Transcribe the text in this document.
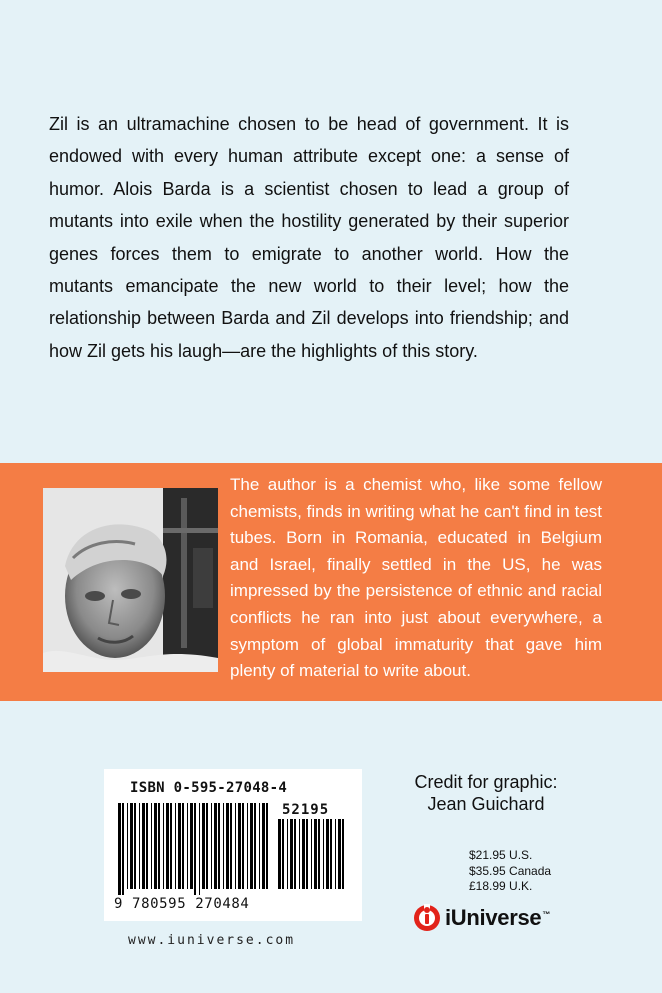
Zil is an ultramachine chosen to be head of government. It is endowed with every human attribute except one: a sense of humor. Alois Barda is a scientist chosen to lead a group of mutants into exile when the hostility generated by their superior genes forces them to emigrate to another world. How the mutants emancipate the new world to their level; how the relationship between Barda and Zil develops into friendship; and how Zil gets his laugh—are the highlights of this story.

The author is a chemist who, like some fellow chemists, finds in writing what he can't find in test tubes. Born in Romania, educated in Belgium and Israel, finally settled in the US, he was impressed by the persistence of ethnic and racial conflicts he ran into just about everywhere, a symptom of global immaturity that gave him plenty of material to write about.

ISBN 0-595-27048-4
52195
9 780595 270484
www.iuniverse.com
Credit for graphic:
Jean Guichard
$21.95 U.S.
$35.95 Canada
£18.99 U.K.
iUniverse™
